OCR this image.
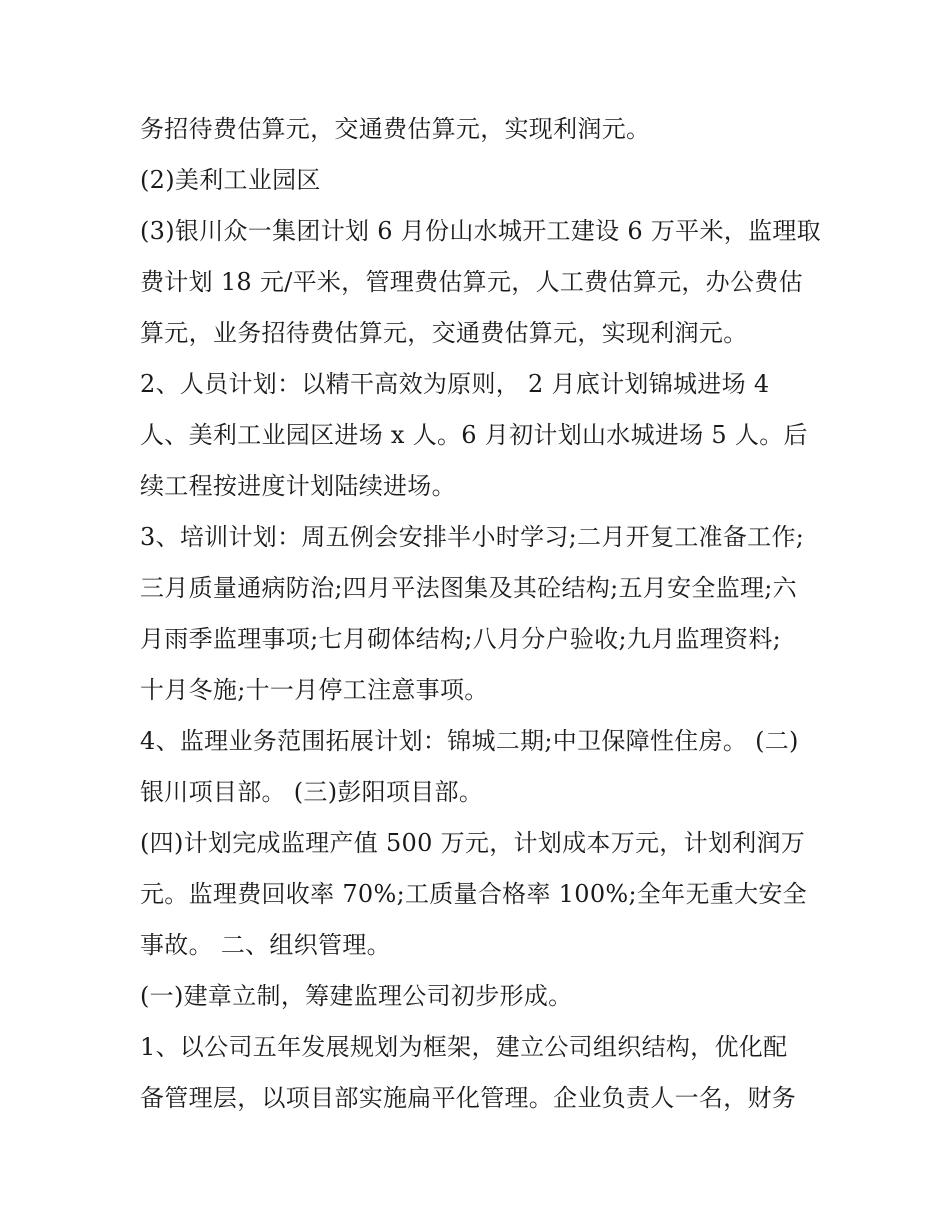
务招待费估算元，交通费估算元，实现利润元。
(2)美利工业园区
(3)银川众一集团计划 6 月份山水城开工建设 6 万平米，监理取
费计划 18 元/平米，管理费估算元，人工费估算元，办公费估
算元，业务招待费估算元，交通费估算元，实现利润元。
2、人员计划：以精干高效为原则， 2 月底计划锦城进场 4
人、美利工业园区进场 x 人。6 月初计划山水城进场 5 人。后
续工程按进度计划陆续进场。
3、培训计划：周五例会安排半小时学习;二月开复工准备工作;
三月质量通病防治;四月平法图集及其砼结构;五月安全监理;六
月雨季监理事项;七月砌体结构;八月分户验收;九月监理资料;
十月冬施;十一月停工注意事项。
4、监理业务范围拓展计划：锦城二期;中卫保障性住房。 (二)
银川项目部。 (三)彭阳项目部。
(四)计划完成监理产值 500 万元，计划成本万元，计划利润万
元。监理费回收率 70%;工质量合格率 100%;全年无重大安全
事故。 二、组织管理。
(一)建章立制，筹建监理公司初步形成。
1、以公司五年发展规划为框架，建立公司组织结构，优化配
备管理层，以项目部实施扁平化管理。企业负责人一名，财务
